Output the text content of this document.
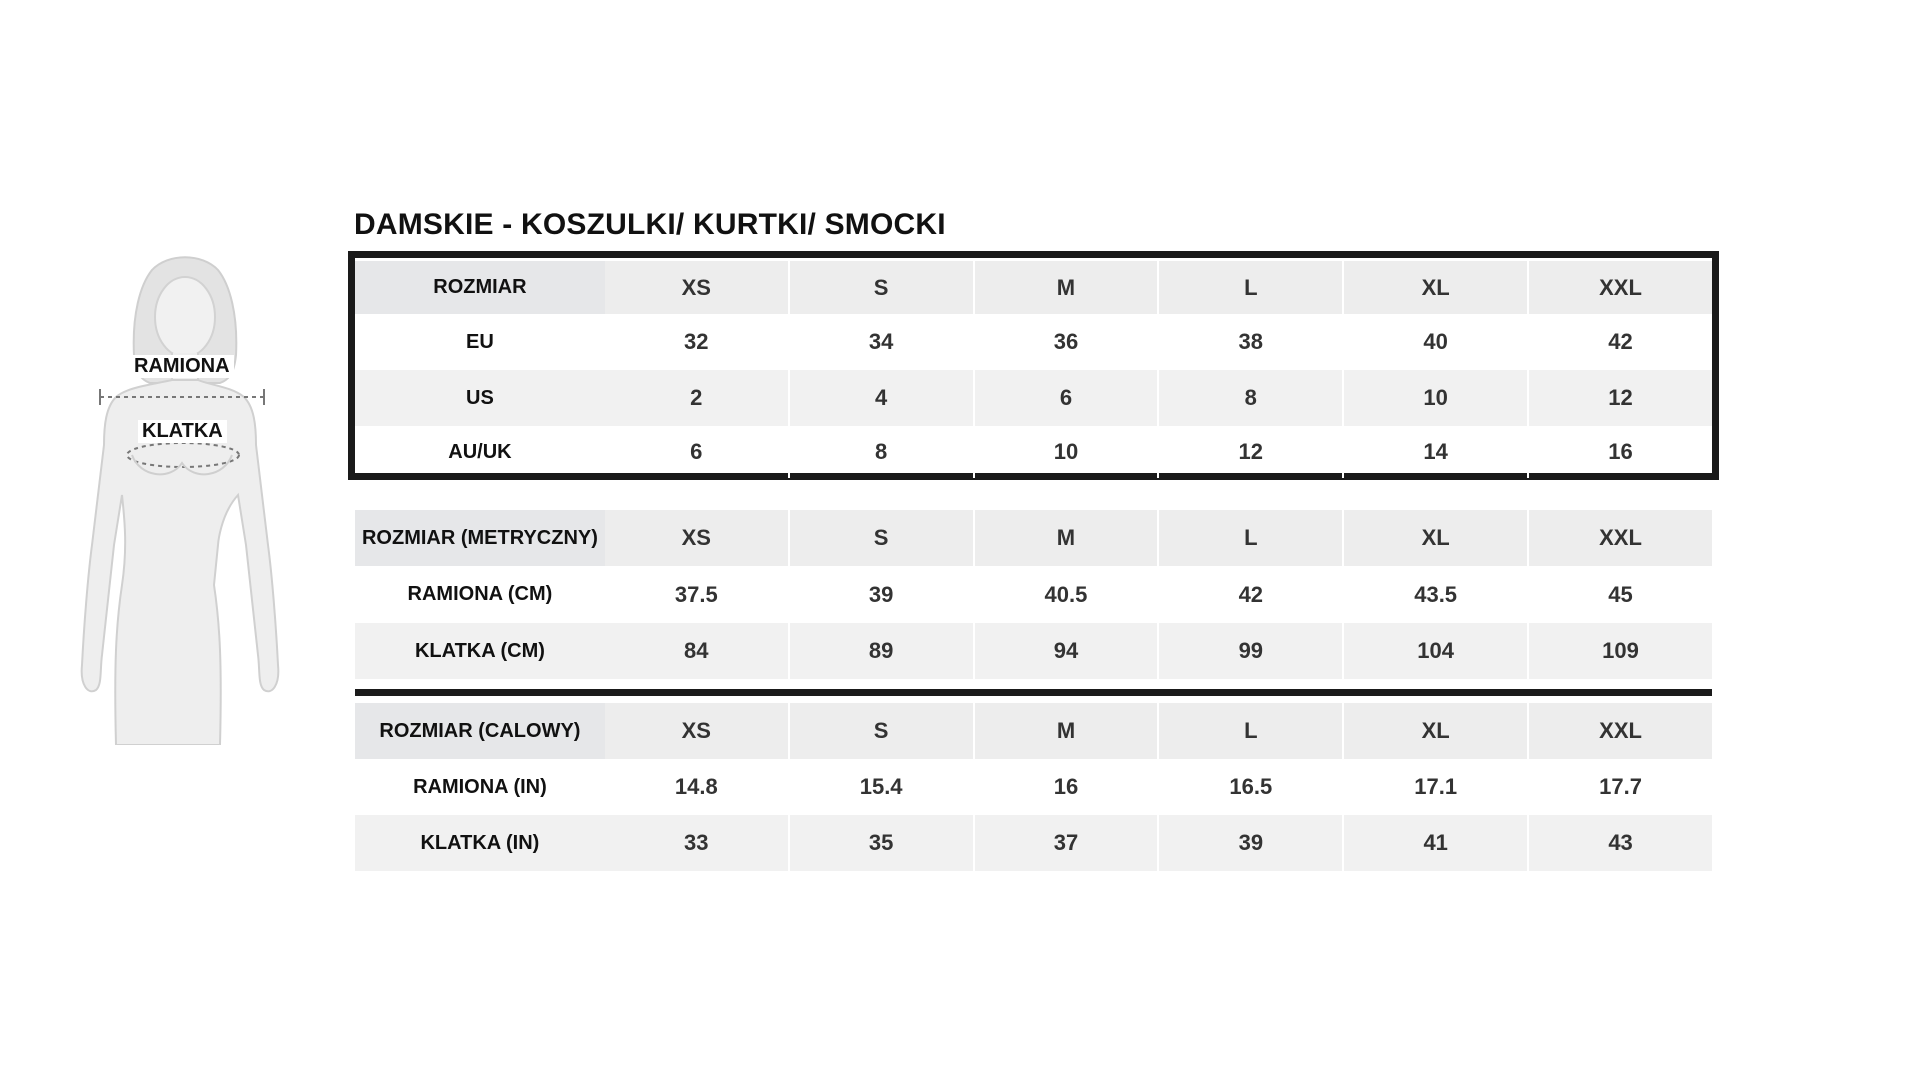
RAMIONA
KLATKA
DAMSKIE - KOSZULKI/ KURTKI/ SMOCKI
ROZMIAR	XS	S	M	L	XL	XXL
EU	32	34	36	38	40	42
US	2	4	6	8	10	12
AU/UK	6	8	10	12	14	16
ROZMIAR (METRYCZNY)	XS	S	M	L	XL	XXL
RAMIONA (CM)	37.5	39	40.5	42	43.5	45
KLATKA (CM)	84	89	94	99	104	109
ROZMIAR (CALOWY)	XS	S	M	L	XL	XXL
RAMIONA (IN)	14.8	15.4	16	16.5	17.1	17.7
KLATKA (IN)	33	35	37	39	41	43
